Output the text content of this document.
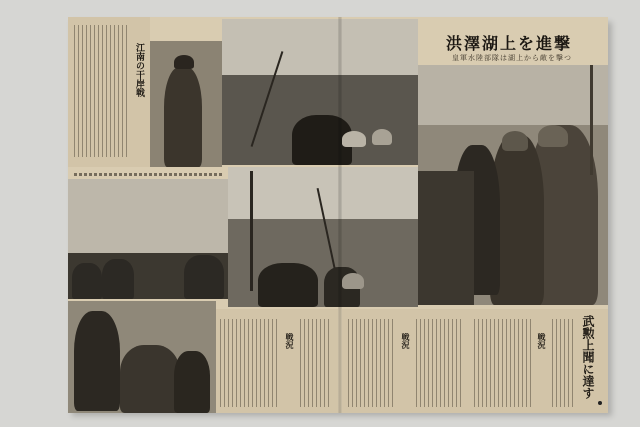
江南の干岸戦	洪澤湖上を進撃
皇軍水陸部隊は湖上から敵を撃つ
戦況	戦況	戦況	武勲上聞に達す
